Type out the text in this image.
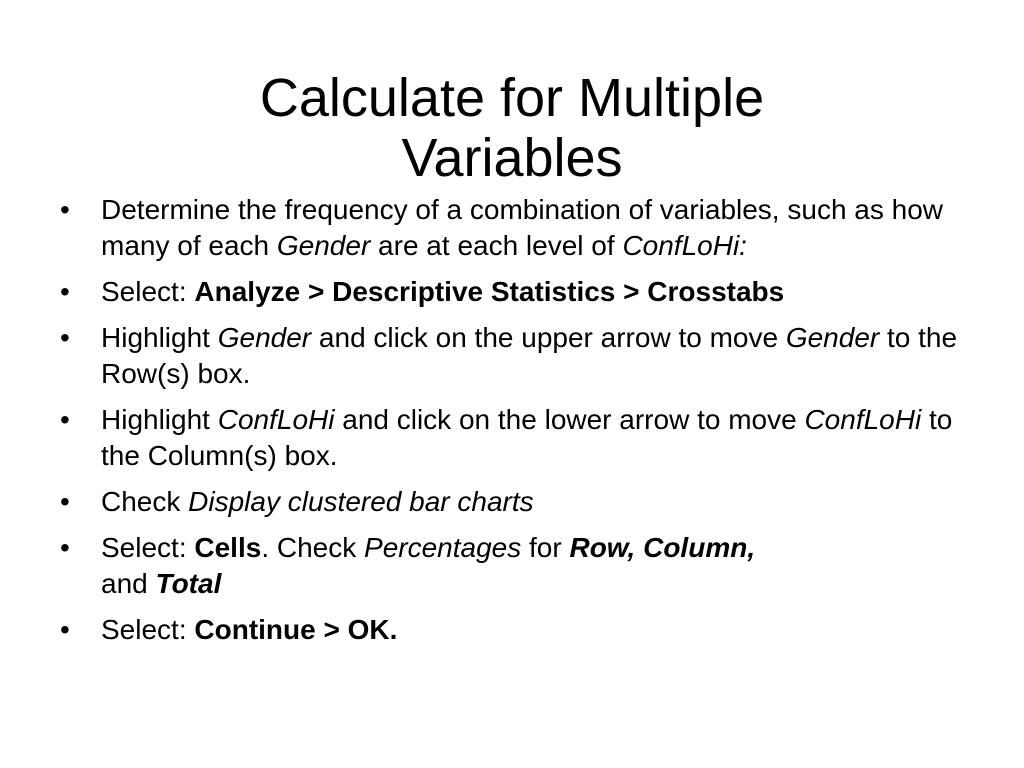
Calculate for Multiple
Variables
•	Determine the frequency of a combination of variables, such as how many of each Gender are at each level of ConfLoHi:
•	Select: Analyze > Descriptive Statistics > Crosstabs
•	Highlight Gender and click on the upper arrow to move Gender to the Row(s) box.
•	Highlight ConfLoHi and click on the lower arrow to move ConfLoHi to the Column(s) box.
•	Check Display clustered bar charts
•	Select: Cells. Check Percentages for Row, Column,
and Total
•	Select: Continue > OK.
